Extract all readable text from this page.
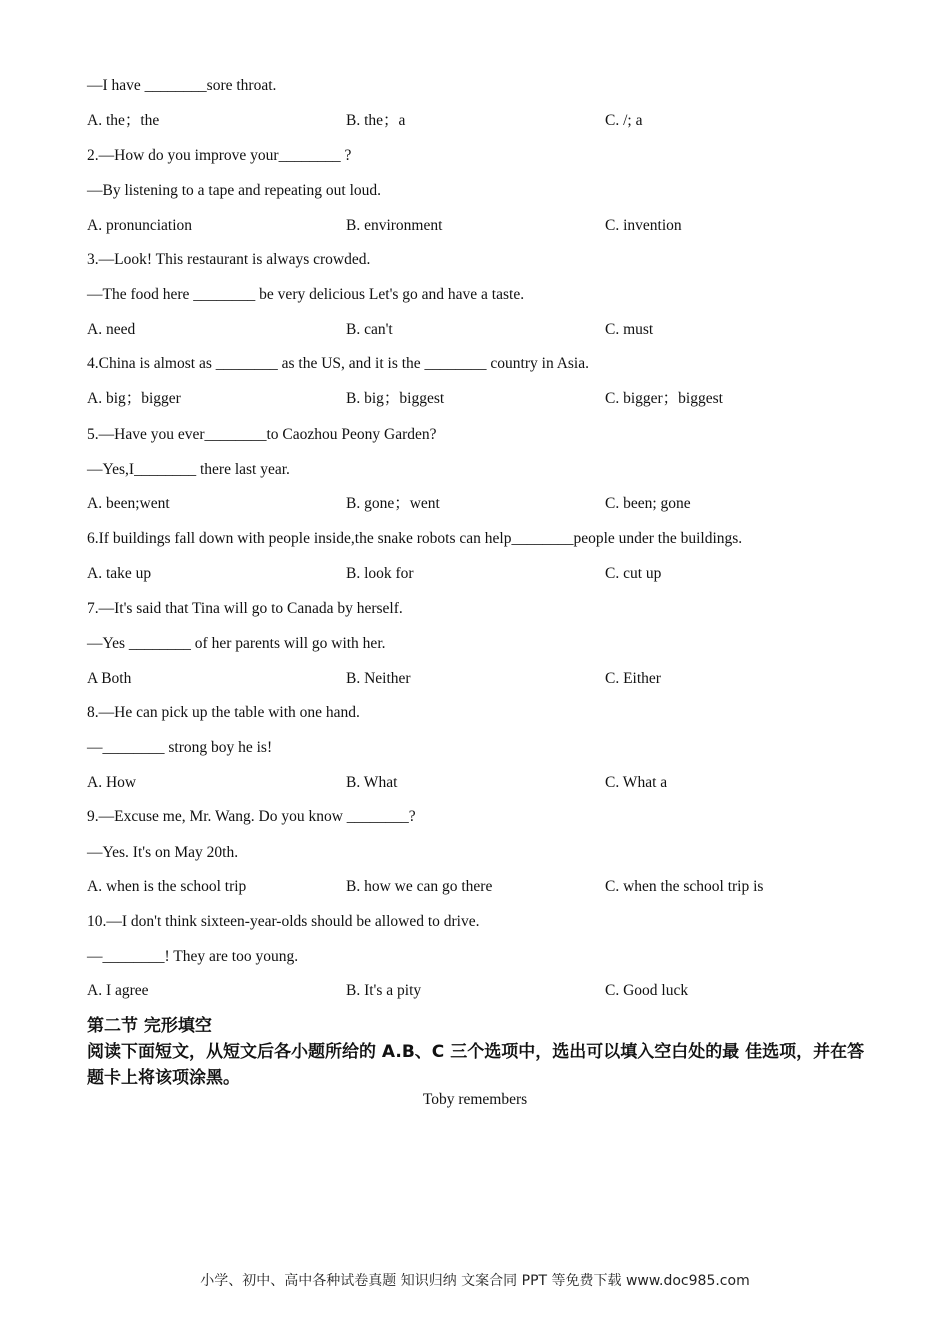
—I have ________sore throat.
A. the；the	B. the；a	C. /; a
2.—How do you improve your________ ?
—By listening to a tape and repeating out loud.
A. pronunciation	B. environment	C. invention
3.—Look! This restaurant is always crowded.
—The food here ________ be very delicious Let's go and have a taste.
A. need	B. can't	C. must
4.China is almost as ________ as the US, and it is the ________ country in Asia.
A. big；bigger	B. big；biggest	C. bigger；biggest
5.—Have you ever________to Caozhou Peony Garden?
—Yes,I________ there last year.
A. been;went	B. gone；went	C. been; gone
6.If buildings fall down with people inside,the snake robots can help________people under the buildings.
A. take up	B. look for	C. cut up
7.—It's said that Tina will go to Canada by herself.
—Yes ________ of her parents will go with her.
A Both	B. Neither	C. Either
8.—He can pick up the table with one hand.
—________ strong boy he is!
A. How	B. What	C. What a
9.—Excuse me, Mr. Wang. Do you know ________?
—Yes. It's on May 20th.
A. when is the school trip	B. how we can go there	C. when the school trip is
10.—I don't think sixteen-year-olds should be allowed to drive.
—________! They are too young.
A. I agree	B. It's a pity	C. Good luck
第二节 完形填空
阅读下面短文，从短文后各小题所给的 A.B、C 三个选项中，选出可以填入空白处的最 佳选项，并在答题卡上将该项涂黑。
Toby remembers
小学、初中、高中各种试卷真题 知识归纳 文案合同 PPT 等免费下载 www.doc985.com
